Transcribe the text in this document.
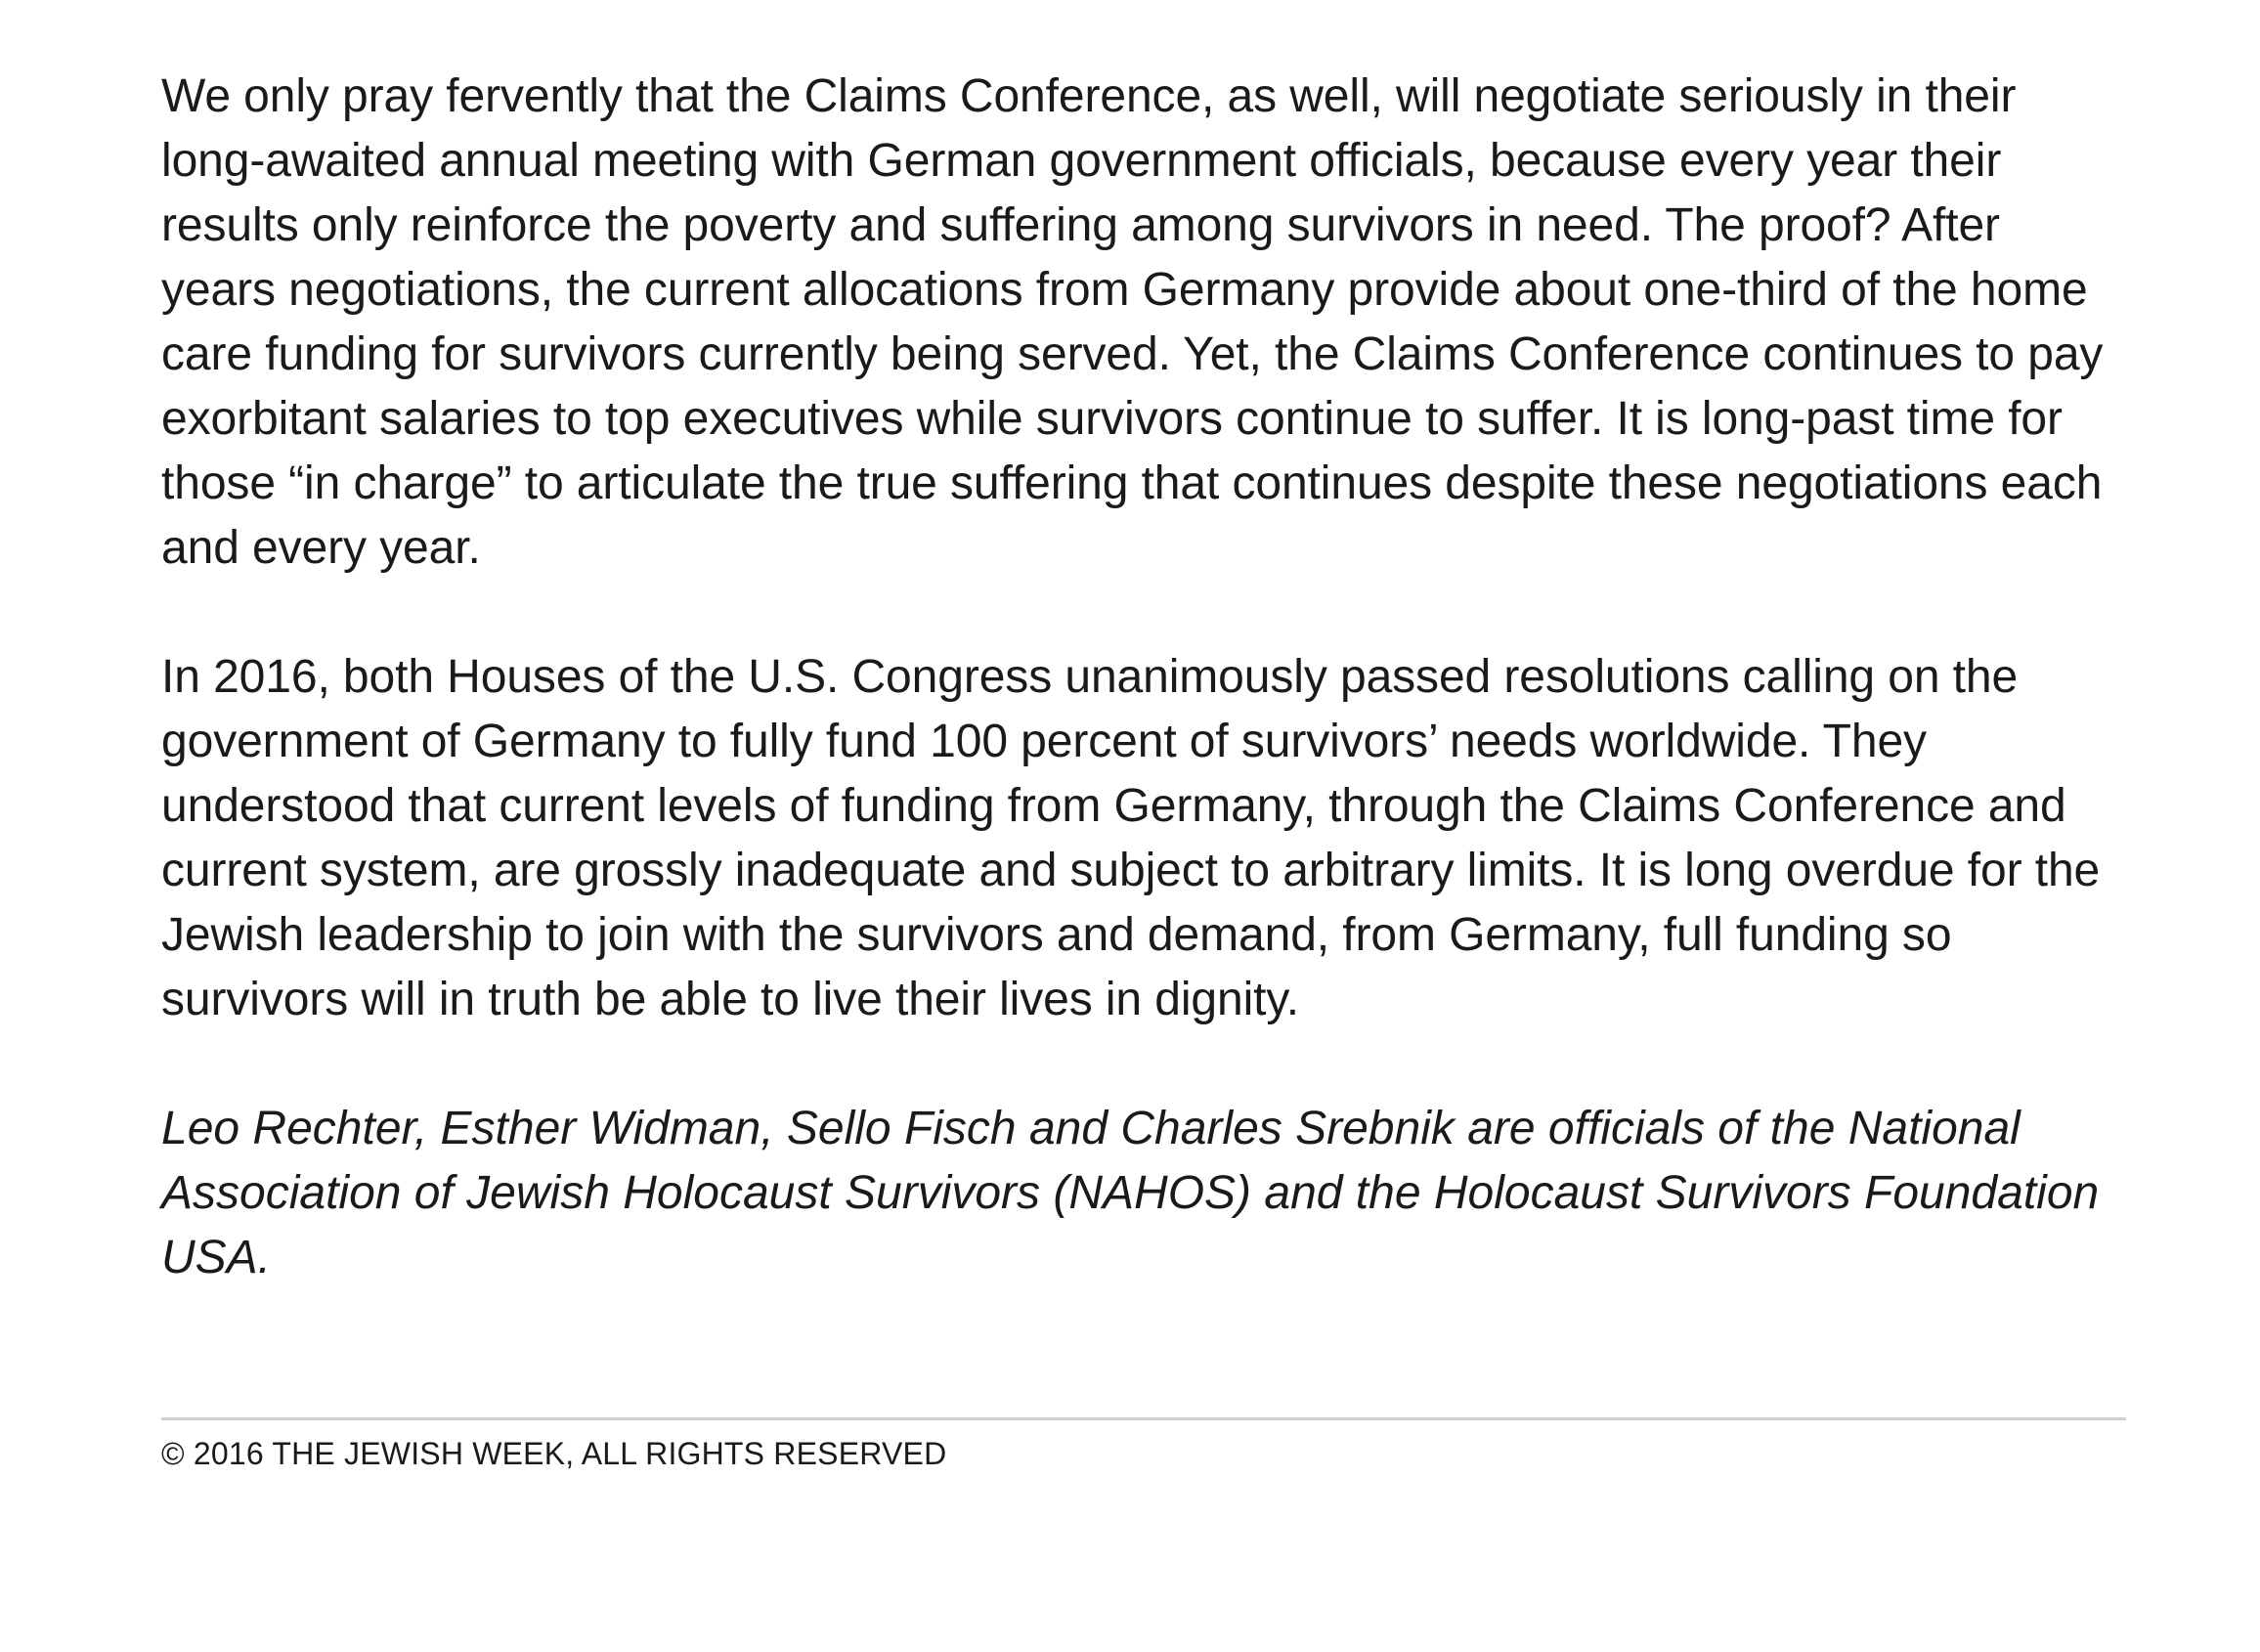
We only pray fervently that the Claims Conference, as well, will negotiate seriously in their long-awaited annual meeting with German government officials, because every year their results only reinforce the poverty and suffering among survivors in need. The proof? After years negotiations, the current allocations from Germany provide about one-third of the home care funding for survivors currently being served. Yet, the Claims Conference continues to pay exorbitant salaries to top executives while survivors continue to suffer. It is long-past time for those “in charge” to articulate the true suffering that continues despite these negotiations each and every year.

In 2016, both Houses of the U.S. Congress unanimously passed resolutions calling on the government of Germany to fully fund 100 percent of survivors’ needs worldwide. They understood that current levels of funding from Germany, through the Claims Conference and current system, are grossly inadequate and subject to arbitrary limits. It is long overdue for the Jewish leadership to join with the survivors and demand, from Germany, full funding so survivors will in truth be able to live their lives in dignity.

Leo Rechter, Esther Widman, Sello Fisch and Charles Srebnik are officials of the National Association of Jewish Holocaust Survivors (NAHOS) and the Holocaust Survivors Foundation USA.

© 2016 THE JEWISH WEEK, ALL RIGHTS RESERVED
